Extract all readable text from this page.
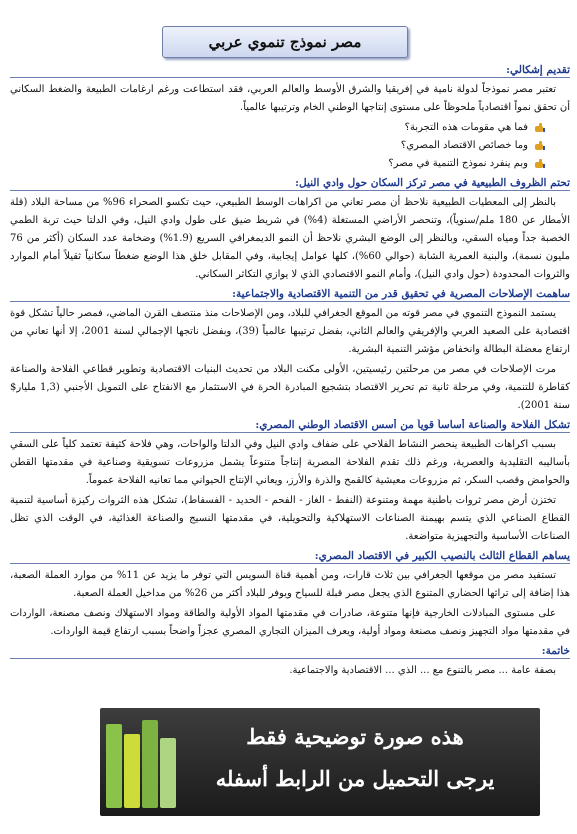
مصر نموذج تنموي عربي
تقديم إشكالي:

تعتبر مصر نموذجاً لدولة نامية في إفريقيا والشرق الأوسط والعالم العربي، فقد استطاعت ورغم ارغامات الطبيعة والضغط السكاني أن تحقق نمواً اقتصادياً ملحوظاً على مستوى إنتاجها الوطني الخام وترتيبها عالمياً.

فما هي مقومات هذه التجربة؟
وما خصائص الاقتصاد المصري؟
وبم ينفرد نموذج التنمية في مصر؟
تحتم الظروف الطبيعية في مصر تركز السكان حول وادي النيل:

بالنظر إلى المعطيات الطبيعية نلاحظ أن مصر تعاني من اكراهات الوسط الطبيعي، حيث تكسو الصحراء 96% من مساحة البلاد (قلة الأمطار عن 180 ملم/سنوياً)، وتنحصر الأراضي المستغلة (4%) في شريط ضيق على طول وادي النيل، وفي الدلتا حيث تربة الطمي الخصبة جداً ومياه السقي، وبالنظر إلى الوضع البشري نلاحظ أن النمو الديمغرافي السريع (1.9%) وضخامة عدد السكان (أكثر من 76 مليون نسمة)، والبنية العمرية الشابة (حوالي 60%)، كلها عوامل إيجابية، وفي المقابل خلق هذا الوضع ضغطاً سكانياً ثقيلاً أمام الموارد والثروات المحدودة (حول وادي النيل)، وأمام النمو الاقتصادي الذي لا يوازي التكاثر السكاني.

ساهمت الإصلاحات المصرية في تحقيق قدر من التنمية الاقتصادية والاجتماعية:

يستمد النموذج التنموي في مصر قوته من الموقع الجغرافي للبلاد، ومن الإصلاحات منذ منتصف القرن الماضي، فمصر حالياً تشكل قوة اقتصادية على الصعيد العربي والإفريقي والعالم الثاني، بفضل ترتيبها عالمياً (39)، وبفضل ناتجها الإجمالي لسنة 2001، إلا أنها تعاني من ارتفاع معضلة البطالة وانخفاض مؤشر التنمية البشرية.

مرت الإصلاحات في مصر من مرحلتين رئيسيتين، الأولى مكنت البلاد من تحديث البنيات الاقتصادية وتطوير قطاعي الفلاحة والصناعة كقاطرة للتنمية، وفي مرحلة ثانية تم تحرير الاقتصاد بتشجيع المبادرة الحرة في الاستثمار مع الانفتاح على التمويل الأجنبي (1,3 مليار$ سنة 2001).

تشكل الفلاحة والصناعة أساساً قوياً من أسس الاقتصاد الوطني المصري:

بسبب اكراهات الطبيعة ينحصر النشاط الفلاحي على ضفاف وادي النيل وفي الدلتا والواحات، وهي فلاحة كثيفة تعتمد كلياً على السقي بأساليبه التقليدية والعصرية، ورغم ذلك تقدم الفلاحة المصرية إنتاجاً متنوعاً يشمل مزروعات تسويقية وصناعية في مقدمتها القطن والحوامض وقصب السكر، ثم مزروعات معيشية كالقمح والذرة والأرز، ويعاني الإنتاج الحيواني مما تعانيه الفلاحة عموماً.

تختزن أرض مصر ثروات باطنية مهمة ومتنوعة (النفط - الغاز - الفحم - الحديد - الفسفاط)، تشكل هذه الثروات ركيزة أساسية لتنمية القطاع الصناعي الذي يتسم بهيمنة الصناعات الاستهلاكية والتحويلية، في مقدمتها النسيج والصناعة الغذائية، في الوقت الذي تظل الصناعات الأساسية والتجهيزية متواضعة.

يساهم القطاع الثالث بالنصيب الكبير في الاقتصاد المصري:

تستفيد مصر من موقعها الجغرافي بين ثلاث قارات، ومن أهمية قناة السويس التي توفر ما يزيد عن 11% من موارد العملة الصعبة، هذا إضافة إلى تراثها الحضاري المتنوع الذي يجعل مصر قبلة للسياح ويوفر للبلاد أكثر من 26% من مداخيل العملة الصعبة.

على مستوى المبادلات الخارجية فإنها متنوعة، صادرات في مقدمتها المواد الأولية والطاقة ومواد الاستهلاك ونصف مصنعة، الواردات في مقدمتها مواد التجهيز ونصف مصنعة ومواد أولية، ويعرف الميزان التجاري المصري عجزاً واضحاً بسبب ارتفاع قيمة الواردات.

خاتمة:

بصفة عامة ... مصر بالتنوع مع ... الذي ... الاقتصادية والاجتماعية.

هذه صورة توضيحية فقط
يرجى التحميل من الرابط أسفله
